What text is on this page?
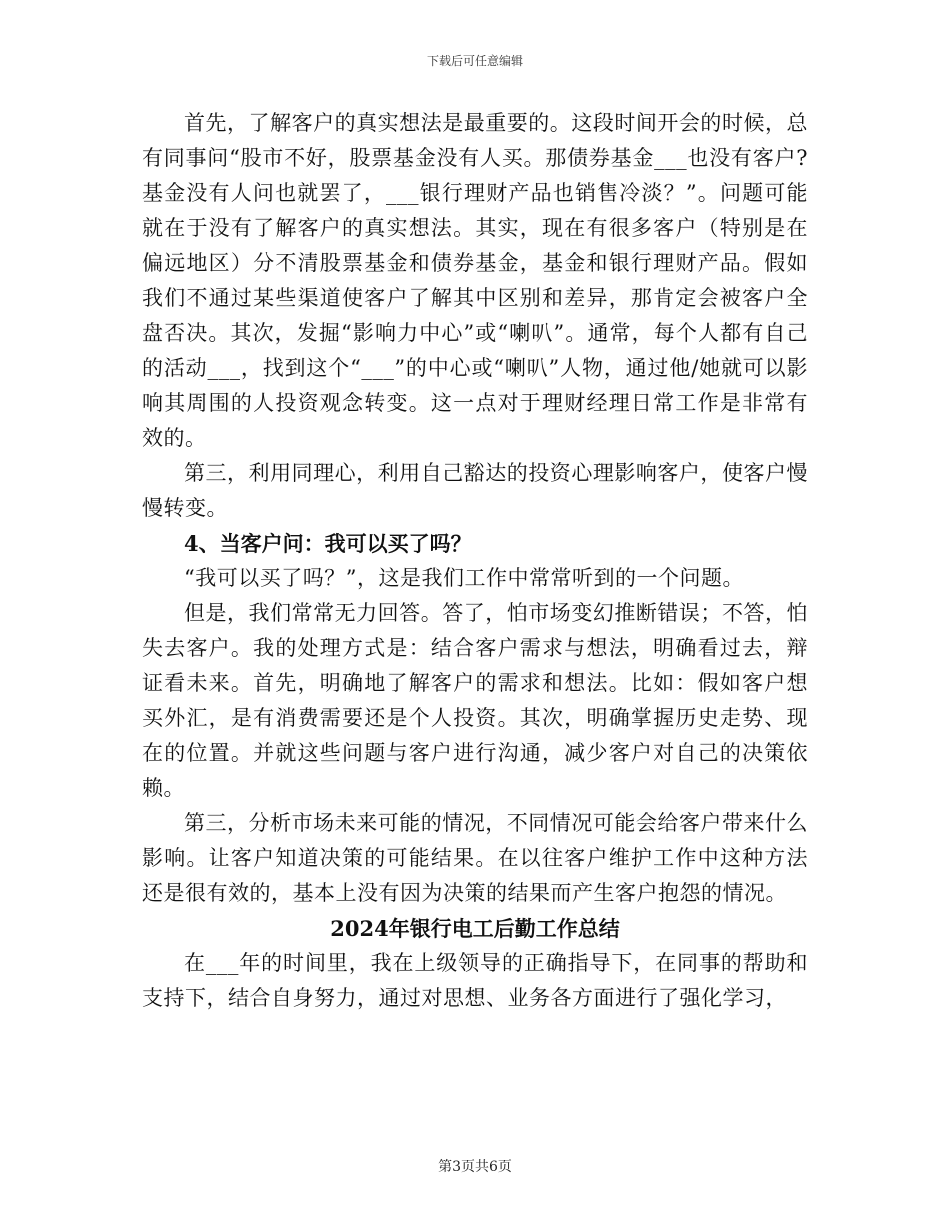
下载后可任意编辑

首先，了解客户的真实想法是最重要的。这段时间开会的时候，总有同事问“股市不好，股票基金没有人买。那债券基金___也没有客户?基金没有人问也就罢了，___银行理财产品也销售冷淡？”。问题可能就在于没有了解客户的真实想法。其实，现在有很多客户（特别是在偏远地区）分不清股票基金和债券基金，基金和银行理财产品。假如我们不通过某些渠道使客户了解其中区别和差异，那肯定会被客户全盘否决。其次，发掘“影响力中心”或“喇叭”。通常，每个人都有自己的活动___，找到这个“___”的中心或“喇叭”人物，通过他/她就可以影响其周围的人投资观念转变。这一点对于理财经理日常工作是非常有效的。

第三，利用同理心，利用自己豁达的投资心理影响客户，使客户慢慢转变。

4、当客户问：我可以买了吗？

“我可以买了吗？”，这是我们工作中常常听到的一个问题。

但是，我们常常无力回答。答了，怕市场变幻推断错误；不答，怕失去客户。我的处理方式是：结合客户需求与想法，明确看过去，辩证看未来。首先，明确地了解客户的需求和想法。比如：假如客户想买外汇，是有消费需要还是个人投资。其次，明确掌握历史走势、现在的位置。并就这些问题与客户进行沟通，减少客户对自己的决策依赖。

第三，分析市场未来可能的情况，不同情况可能会给客户带来什么影响。让客户知道决策的可能结果。在以往客户维护工作中这种方法还是很有效的，基本上没有因为决策的结果而产生客户抱怨的情况。

2024年银行电工后勤工作总结

在___年的时间里，我在上级领导的正确指导下，在同事的帮助和支持下，结合自身努力，通过对思想、业务各方面进行了强化学习，

第3页共6页
